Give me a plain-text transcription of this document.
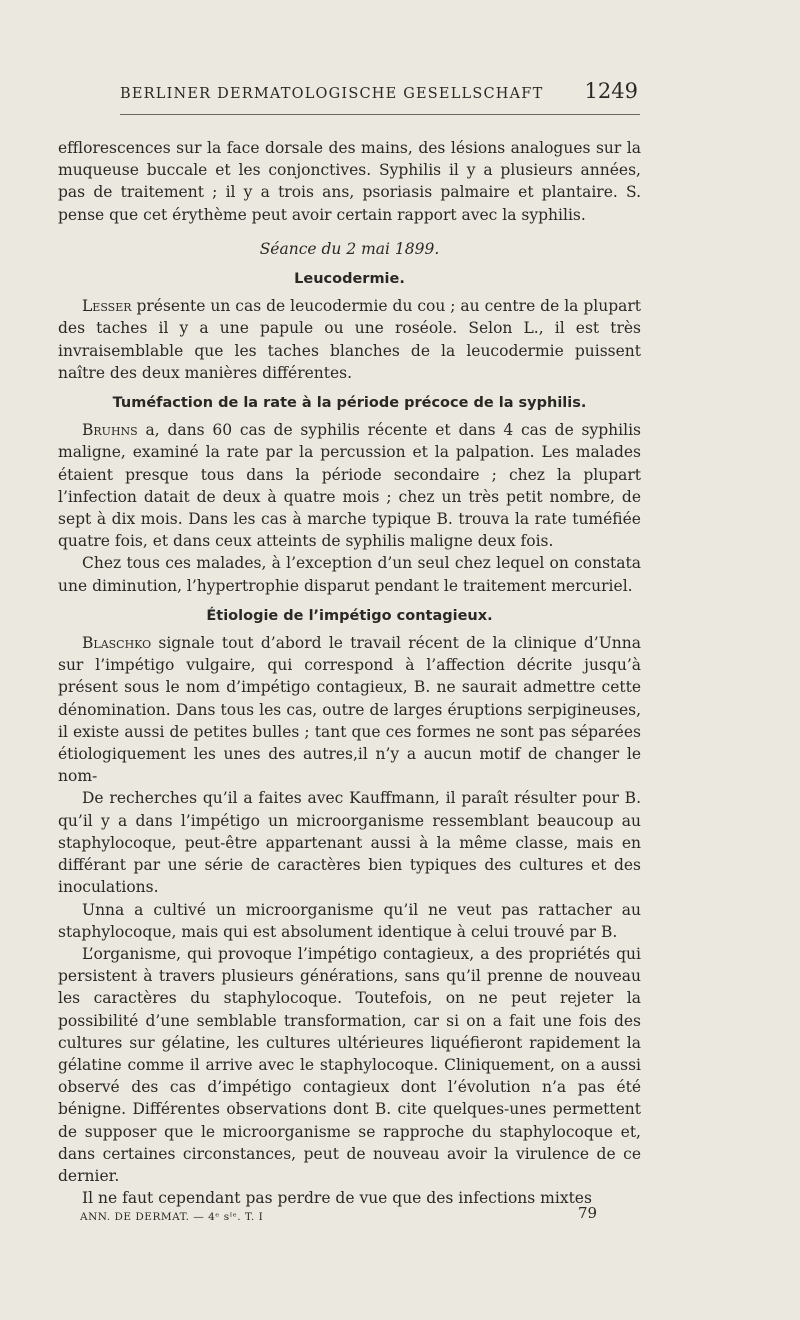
BERLINER DERMATOLOGISCHE GESELLSCHAFT 1249

efflorescences sur la face dorsale des mains, des lésions analogues sur la muqueuse buccale et les conjonctives. Syphilis il y a plusieurs années, pas de traitement ; il y a trois ans, psoriasis palmaire et plantaire. S. pense que cet érythème peut avoir certain rapport avec la syphilis.

Séance du 2 mai 1899.
Leucodermie.

Lesser présente un cas de leucodermie du cou ; au centre de la plupart des taches il y a une papule ou une roséole. Selon L., il est très invraisemblable que les taches blanches de la leucodermie puissent naître des deux manières différentes.

Tuméfaction de la rate à la période précoce de la syphilis.

Bruhns a, dans 60 cas de syphilis récente et dans 4 cas de syphilis maligne, examiné la rate par la percussion et la palpation. Les malades étaient presque tous dans la période secondaire ; chez la plupart l’infection datait de deux à quatre mois ; chez un très petit nombre, de sept à dix mois. Dans les cas à marche typique B. trouva la rate tuméfiée quatre fois, et dans ceux atteints de syphilis maligne deux fois.

Chez tous ces malades, à l’exception d’un seul chez lequel on constata une diminution, l’hypertrophie disparut pendant le traitement mercuriel.

Étiologie de l’impétigo contagieux.

Blaschko signale tout d’abord le travail récent de la clinique d’Unna sur l’impétigo vulgaire, qui correspond à l’affection décrite jusqu’à présent sous le nom d’impétigo contagieux, B. ne saurait admettre cette dénomination. Dans tous les cas, outre de larges éruptions serpigineuses, il existe aussi de petites bulles ; tant que ces formes ne sont pas séparées étiologiquement les unes des autres,il n’y a aucun motif de changer le nom-

De recherches qu’il a faites avec Kauffmann, il paraît résulter pour B. qu’il y a dans l’impétigo un microorganisme ressemblant beaucoup au staphylocoque, peut-être appartenant aussi à la même classe, mais en différant par une série de caractères bien typiques des cultures et des inoculations.

Unna a cultivé un microorganisme qu’il ne veut pas rattacher au staphylocoque, mais qui est absolument identique à celui trouvé par B.

L’organisme, qui provoque l’impétigo contagieux, a des propriétés qui persistent à travers plusieurs générations, sans qu’il prenne de nouveau les caractères du staphylocoque. Toutefois, on ne peut rejeter la possibilité d’une semblable transformation, car si on a fait une fois des cultures sur gélatine, les cultures ultérieures liquéfieront rapidement la gélatine comme il arrive avec le staphylocoque. Cliniquement, on a aussi observé des cas d’impétigo contagieux dont l’évolution n’a pas été bénigne. Différentes observations dont B. cite quelques-unes permettent de supposer que le microorganisme se rapproche du staphylocoque et, dans certaines circonstances, peut de nouveau avoir la virulence de ce dernier.

Il ne faut cependant pas perdre de vue que des infections mixtes

ANN. DE DERMAT. — 4ᵉ sᴵᵉ. T. I	79
